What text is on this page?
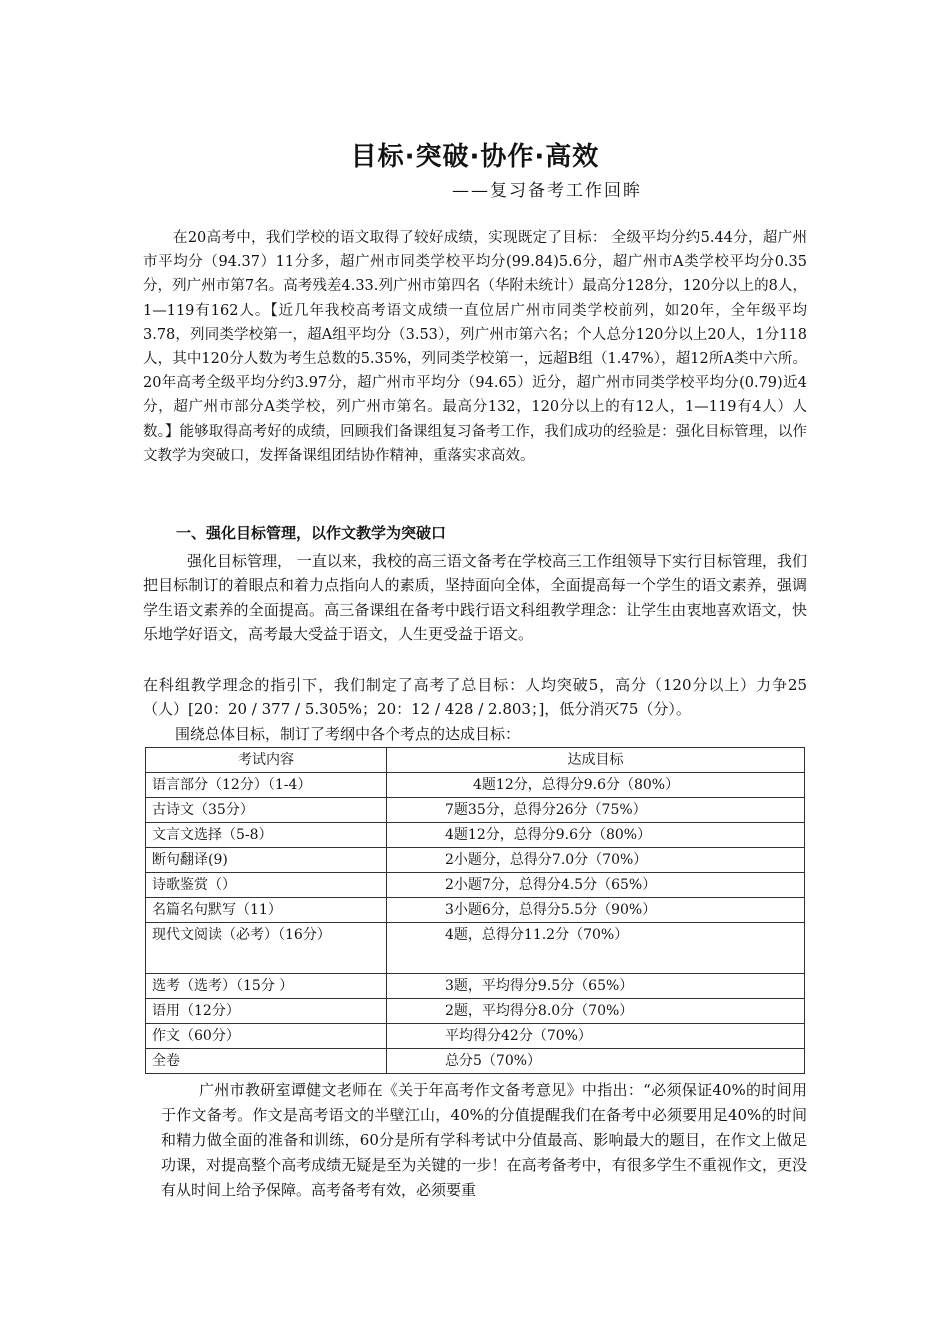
目标·突破·协作·高效
——复习备考工作回眸
在20高考中，我们学校的语文取得了较好成绩，实现既定了目标： 全级平均分约5.44分，超广州市平均分（94.37）11分多，超广州市同类学校平均分(99.84)5.6分，超广州市A类学校平均分0.35分，列广州市第7名。高考残差4.33.列广州市第四名（华附未统计）最高分128分，120分以上的8人，1—119有162人。【近几年我校高考语文成绩一直位居广州市同类学校前列，如20年，全年级平均3.78，列同类学校第一，超A组平均分（3.53），列广州市第六名；个人总分120分以上20人，1分118人，其中120分人数为考生总数的5.35%，列同类学校第一，远超B组（1.47%），超12所A类中六所。20年高考全级平均分约3.97分，超广州市平均分（94.65）近分，超广州市同类学校平均分(0.79)近4分，超广州市部分A类学校，列广州市第名。最高分132，120分以上的有12人，1—119有4人）人数。】能够取得高考好的成绩，回顾我们备课组复习备考工作，我们成功的经验是：强化目标管理，以作文教学为突破口，发挥备课组团结协作精神，重落实求高效。
一、强化目标管理，以作文教学为突破口
强化目标管理， 一直以来，我校的高三语文备考在学校高三工作组领导下实行目标管理，我们把目标制订的着眼点和着力点指向人的素质，坚持面向全体，全面提高每一个学生的语文素养，强调学生语文素养的全面提高。高三备课组在备考中践行语文科组教学理念：让学生由衷地喜欢语文，快乐地学好语文，高考最大受益于语文，人生更受益于语文。
在科组教学理念的指引下，我们制定了高考了总目标：人均突破5，高分（120分以上）力争25（人）[20：20 / 377 / 5.305%；20：12 / 428 / 2.803；]，低分消灭75（分）。
围绕总体目标，制订了考纲中各个考点的达成目标：
考试内容	达成目标
语言部分（12分）（1-4）	4题12分，总得分9.6分（80%）
古诗文（35分）	7题35分，总得分26分（75%）
文言文选择（5-8）	4题12分，总得分9.6分（80%）
断句翻译(9)	2小题分，总得分7.0分（70%）
诗歌鉴赏（）	2小题7分，总得分4.5分（65%）
名篇名句默写（11）	3小题6分，总得分5.5分（90%）
现代文阅读（必考）（16分）	4题，总得分11.2分（70%）
选考（选考）（15分 ）	3题，平均得分9.5分（65%）
语用（12分）	2题，平均得分8.0分（70%）
作文（60分）	平均得分42分（70%）
全卷	总分5（70%）
广州市教研室谭健文老师在《关于年高考作文备考意见》中指出：“必须保证40%的时间用于作文备考。作文是高考语文的半壁江山，40%的分值提醒我们在备考中必须要用足40%的时间和精力做全面的准备和训练，60分是所有学科考试中分值最高、影响最大的题目，在作文上做足功课，对提高整个高考成绩无疑是至为关键的一步！在高考备考中，有很多学生不重视作文，更没有从时间上给予保障。高考备考有效，必须要重
